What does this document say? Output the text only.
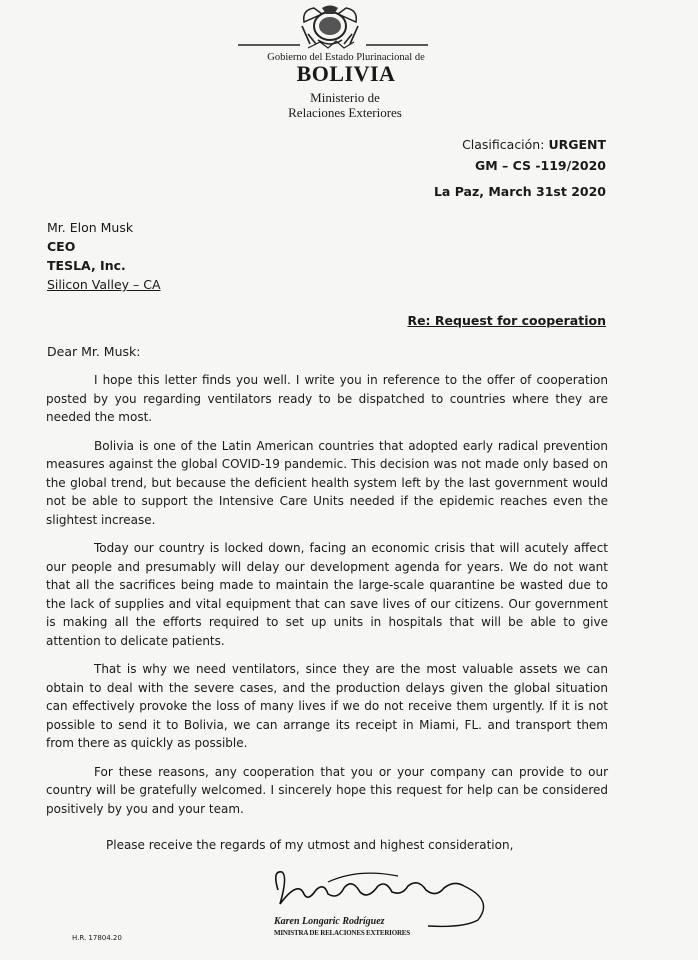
Gobierno del Estado Plurinacional de
BOLIVIA
Ministerio de
Relaciones Exteriores
Clasificación: URGENT
GM – CS -119/2020
La Paz, March 31st 2020
Mr. Elon Musk
CEO
TESLA, Inc.
Silicon Valley – CA
Re: Request for cooperation
Dear Mr. Musk:

I hope this letter finds you well. I write you in reference to the offer of cooperation posted by you regarding ventilators ready to be dispatched to countries where they are needed the most.

Bolivia is one of the Latin American countries that adopted early radical prevention measures against the global COVID-19 pandemic. This decision was not made only based on the global trend, but because the deficient health system left by the last government would not be able to support the Intensive Care Units needed if the epidemic reaches even the slightest increase.

Today our country is locked down, facing an economic crisis that will acutely affect our people and presumably will delay our development agenda for years. We do not want that all the sacrifices being made to maintain the large-scale quarantine be wasted due to the lack of supplies and vital equipment that can save lives of our citizens. Our government is making all the efforts required to set up units in hospitals that will be able to give attention to delicate patients.

That is why we need ventilators, since they are the most valuable assets we can obtain to deal with the severe cases, and the production delays given the global situation can effectively provoke the loss of many lives if we do not receive them urgently. If it is not possible to send it to Bolivia, we can arrange its receipt in Miami, FL. and transport them from there as quickly as possible.

For these reasons, any cooperation that you or your company can provide to our country will be gratefully welcomed. I sincerely hope this request for help can be considered positively by you and your team.

Please receive the regards of my utmost and highest consideration,
Karen Longaric Rodríguez
MINISTRA DE RELACIONES EXTERIORES
H.R. 17804.20
